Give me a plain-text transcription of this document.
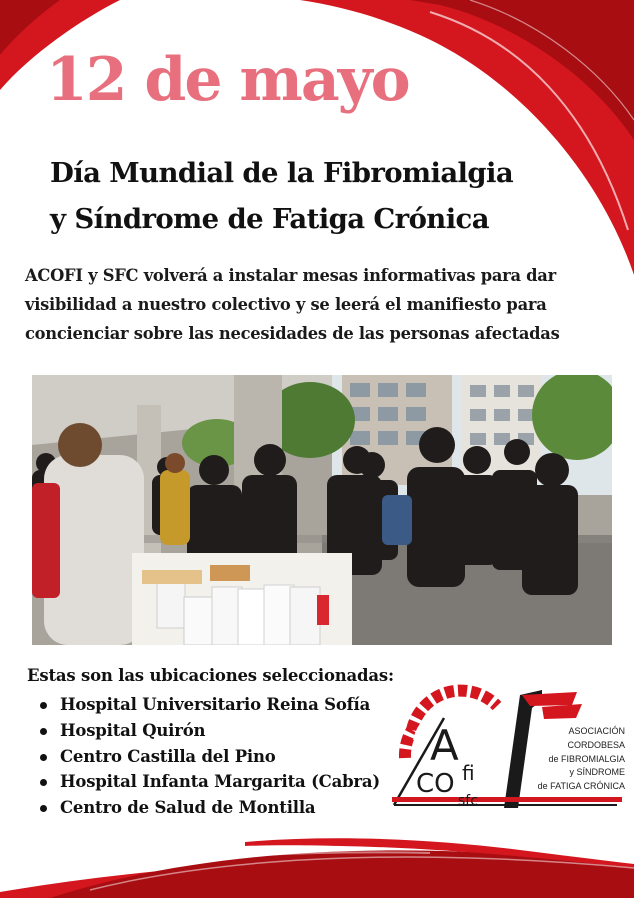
12 de mayo
Día Mundial de la Fibromialgia
y Síndrome de Fatiga Crónica

ACOFI y SFC volverá a instalar mesas informativas para dar
visibilidad a nuestro colectivo y se leerá el manifiesto para
concienciar sobre las necesidades de las personas afectadas

Estas son las ubicaciones seleccionadas:

Hospital Universitario Reina Sofía
Hospital Quirón
Centro Castilla del Pino
Hospital Infanta Margarita (Cabra)
Centro de Salud de Montilla
A
CO fi
sfc

ASOCIACIÓN
CORDOBESA
de FIBROMIALGIA
y SÍNDROME
de FATIGA CRÓNICA
